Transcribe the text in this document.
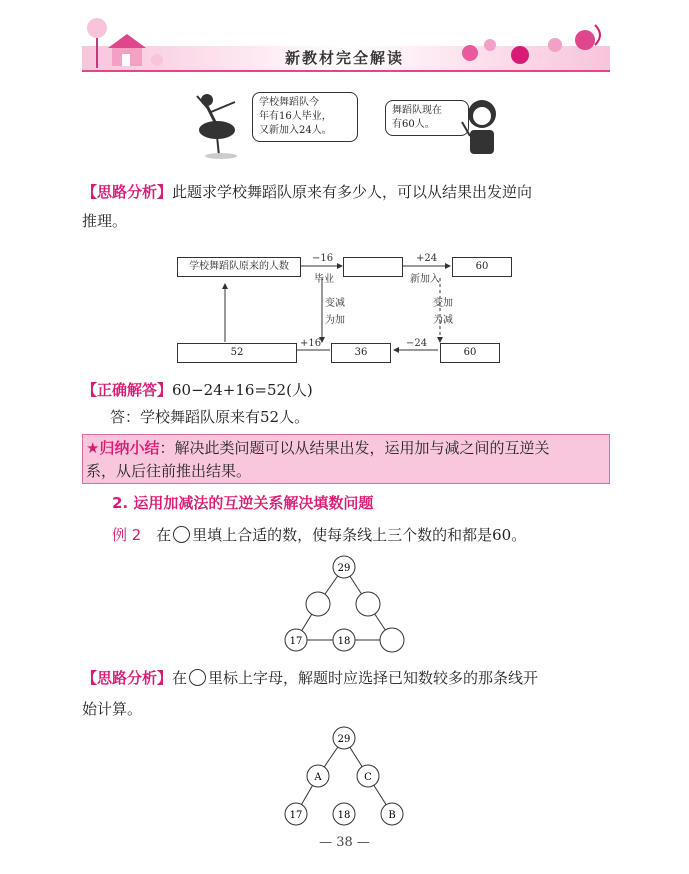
新教材完全解读
学校舞蹈队今
年有16人毕业，
又新加入24人。
舞蹈队现在
有60人。
【思路分析】此题求学校舞蹈队原来有多少人，可以从结果出发逆向
推理。
学校舞蹈队原来的人数
−16
毕业
+24
新加入
60
变加
为减
变减
为加
52
+16
36
−24
60
【正确解答】60−24+16=52(人)
答：学校舞蹈队原来有52人。
★归纳小结：解决此类问题可以从结果出发，运用加与减之间的互逆关
系，从后往前推出结果。
2. 运用加减法的互逆关系解决填数问题
例 2 在 里填上合适的数，使每条线上三个数的和都是60。
29
17	18
【思路分析】在 里标上字母，解题时应选择已知数较多的那条线开
始计算。
29
A	C
17	18	B
— 38 —
